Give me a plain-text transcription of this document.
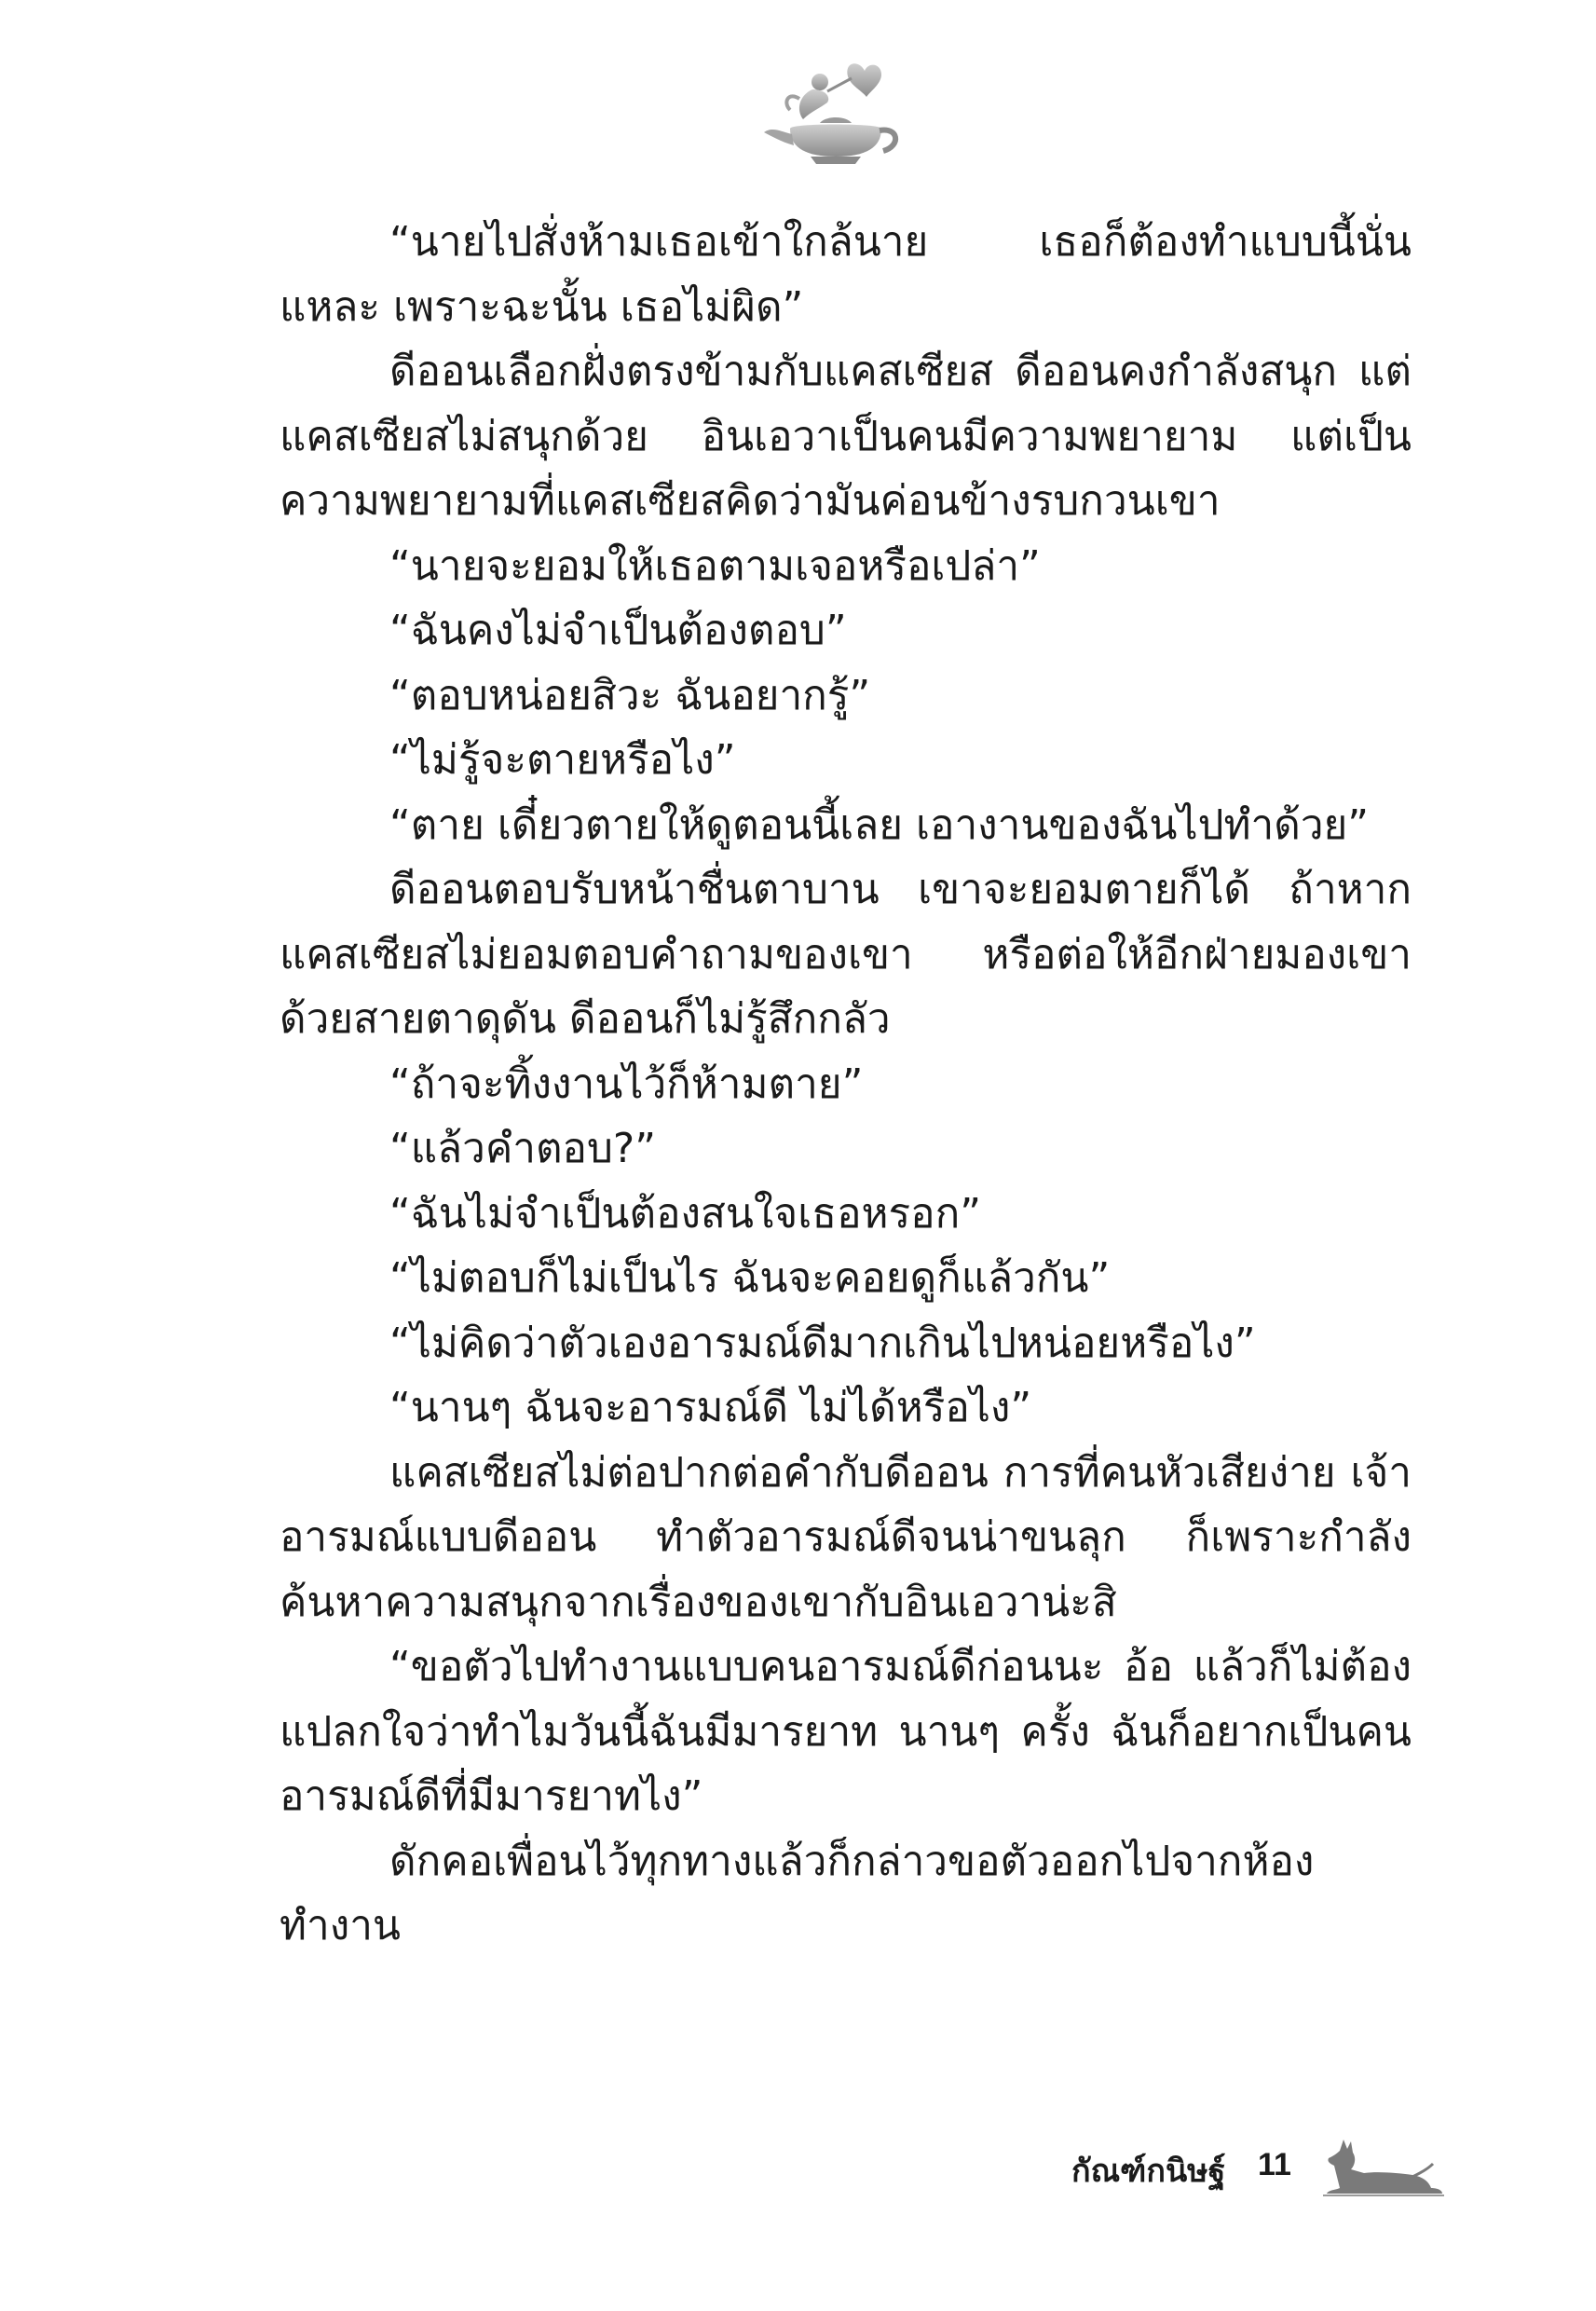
“นายไปสั่งห้ามเธอเข้าใกล้นาย เธอก็ต้องทำแบบนี้นั่นแหละ เพราะฉะนั้น เธอไม่ผิด”

ดีออนเลือกฝั่งตรงข้ามกับแคสเซียส ดีออนคงกำลังสนุก แต่แคสเซียสไม่สนุกด้วย อินเอวาเป็นคนมีความพยายาม แต่เป็นความพยายามที่แคสเซียสคิดว่ามันค่อนข้างรบกวนเขา

“นายจะยอมให้เธอตามเจอหรือเปล่า”

“ฉันคงไม่จำเป็นต้องตอบ”

“ตอบหน่อยสิวะ ฉันอยากรู้”

“ไม่รู้จะตายหรือไง”

“ตาย เดี๋ยวตายให้ดูตอนนี้เลย เอางานของฉันไปทำด้วย”

ดีออนตอบรับหน้าชื่นตาบาน เขาจะยอมตายก็ได้ ถ้าหากแคสเซียสไม่ยอมตอบคำถามของเขา หรือต่อให้อีกฝ่ายมองเขาด้วยสายตาดุดัน ดีออนก็ไม่รู้สึกกลัว

“ถ้าจะทิ้งงานไว้ก็ห้ามตาย”

“แล้วคำตอบ?”

“ฉันไม่จำเป็นต้องสนใจเธอหรอก”

“ไม่ตอบก็ไม่เป็นไร ฉันจะคอยดูก็แล้วกัน”

“ไม่คิดว่าตัวเองอารมณ์ดีมากเกินไปหน่อยหรือไง”

“นานๆ ฉันจะอารมณ์ดี ไม่ได้หรือไง”

แคสเซียสไม่ต่อปากต่อคำกับดีออน การที่คนหัวเสียง่าย เจ้าอารมณ์แบบดีออน ทำตัวอารมณ์ดีจนน่าขนลุก ก็เพราะกำลังค้นหาความสนุกจากเรื่องของเขากับอินเอวาน่ะสิ

“ขอตัวไปทำงานแบบคนอารมณ์ดีก่อนนะ อ้อ แล้วก็ไม่ต้องแปลกใจว่าทำไมวันนี้ฉันมีมารยาท นานๆ ครั้ง ฉันก็อยากเป็นคนอารมณ์ดีที่มีมารยาทไง”

ดักคอเพื่อนไว้ทุกทางแล้วก็กล่าวขอตัวออกไปจากห้องทำงาน

กัณฑ์กนิษฐ์ 11
